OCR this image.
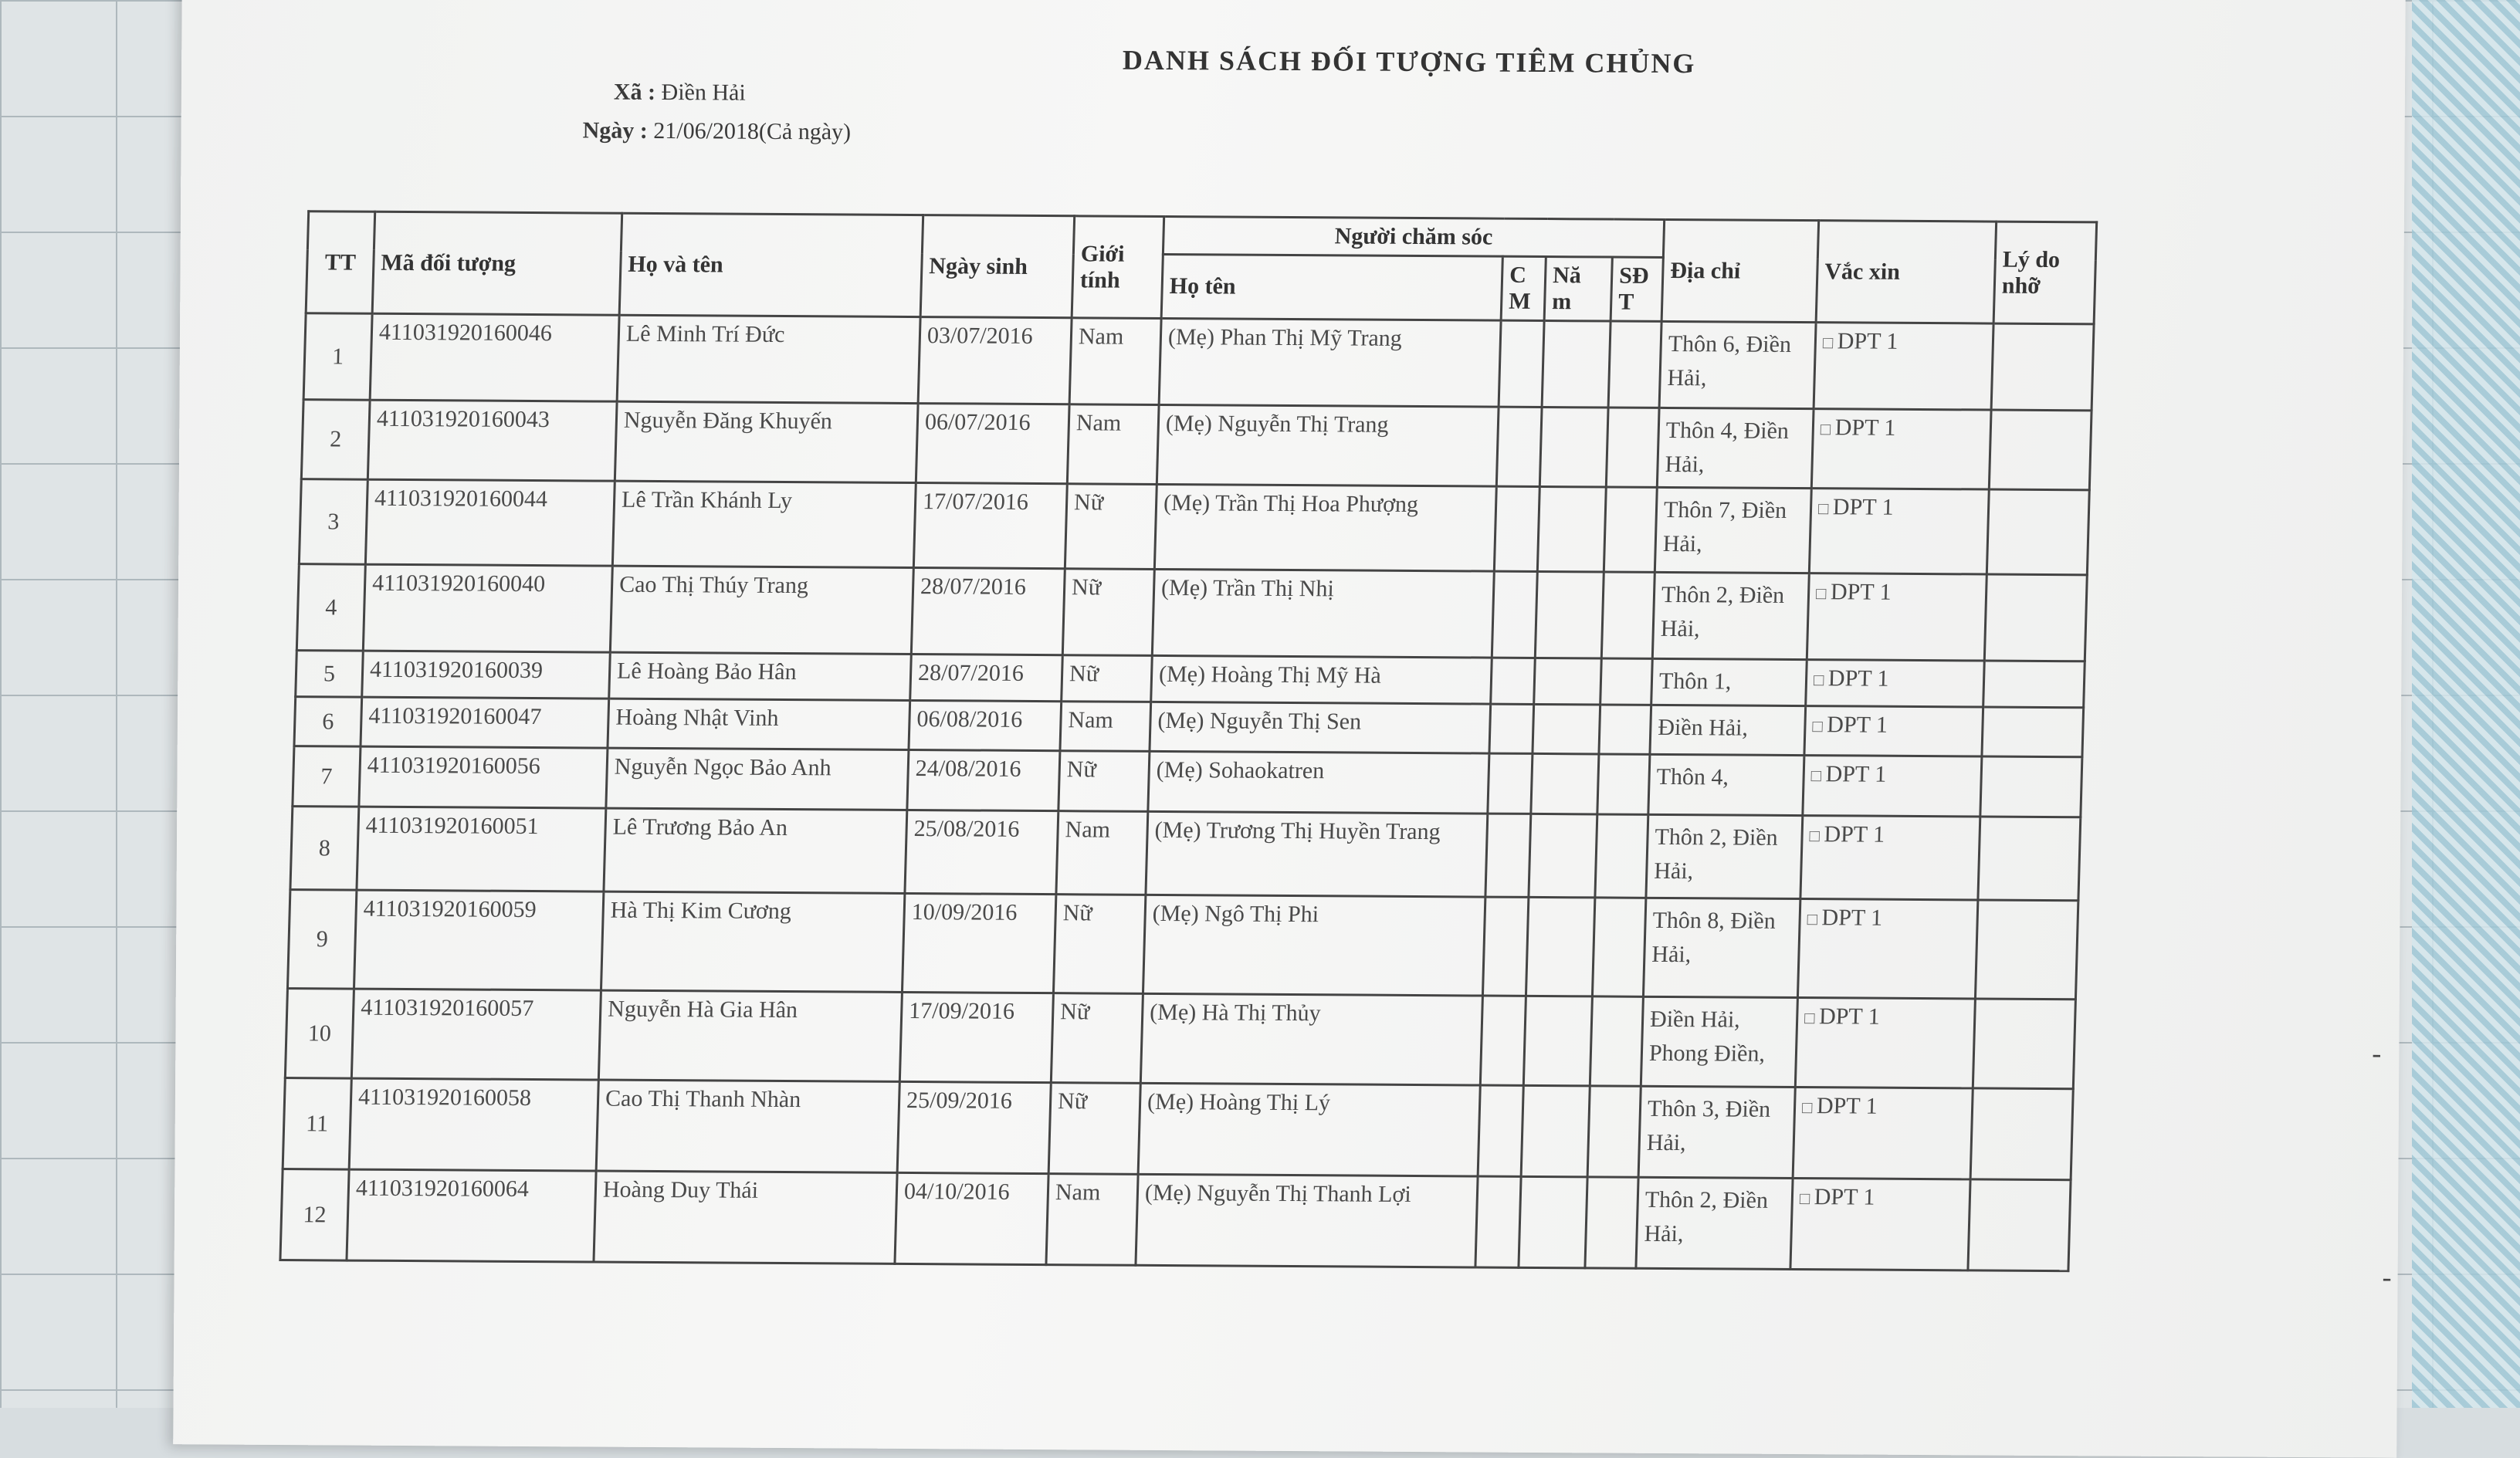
DANH SÁCH ĐỐI TƯỢNG TIÊM CHỦNG
Xã : Điền Hải
Ngày : 21/06/2018(Cả ngày)
TT	Mã đối tượng	Họ và tên	Ngày sinh	Giới tính	Người chăm sóc				Địa chỉ	Vắc xin	Lý do nhỡ
					Họ tên	C M	Nă m	SĐ T			
1	411031920160046	Lê Minh Trí Đức	03/07/2016	Nam	(Mẹ) Phan Thị Mỹ Trang				Thôn 6, Điền Hải,	□ DPT 1	
2	411031920160043	Nguyễn Đăng Khuyến	06/07/2016	Nam	(Mẹ) Nguyễn Thị Trang				Thôn 4, Điền Hải,	□ DPT 1	
3	411031920160044	Lê Trần Khánh Ly	17/07/2016	Nữ	(Mẹ) Trần Thị Hoa Phượng				Thôn 7, Điền Hải,	□ DPT 1	
4	411031920160040	Cao Thị Thúy Trang	28/07/2016	Nữ	(Mẹ) Trần Thị Nhị				Thôn 2, Điền Hải,	□ DPT 1	
5	411031920160039	Lê Hoàng Bảo Hân	28/07/2016	Nữ	(Mẹ) Hoàng Thị Mỹ Hà				Thôn 1,	□ DPT 1	
6	411031920160047	Hoàng Nhật Vinh	06/08/2016	Nam	(Mẹ) Nguyễn Thị Sen				Điền Hải,	□ DPT 1	
7	411031920160056	Nguyễn Ngọc Bảo Anh	24/08/2016	Nữ	(Mẹ) Sohaokatren				Thôn 4,	□ DPT 1	
8	411031920160051	Lê Trương Bảo An	25/08/2016	Nam	(Mẹ) Trương Thị Huyền Trang				Thôn 2, Điền Hải,	□ DPT 1	
9	411031920160059	Hà Thị Kim Cương	10/09/2016	Nữ	(Mẹ) Ngô Thị Phi				Thôn 8, Điền Hải,	□ DPT 1	
10	411031920160057	Nguyễn Hà Gia Hân	17/09/2016	Nữ	(Mẹ) Hà Thị Thủy				Điền Hải, Phong Điền,	□ DPT 1	
11	411031920160058	Cao Thị Thanh Nhàn	25/09/2016	Nữ	(Mẹ) Hoàng Thị Lý				Thôn 3, Điền Hải,	□ DPT 1	
12	411031920160064	Hoàng Duy Thái	04/10/2016	Nam	(Mẹ) Nguyễn Thị Thanh Lợi				Thôn 2, Điền Hải,	□ DPT 1	
-
-
